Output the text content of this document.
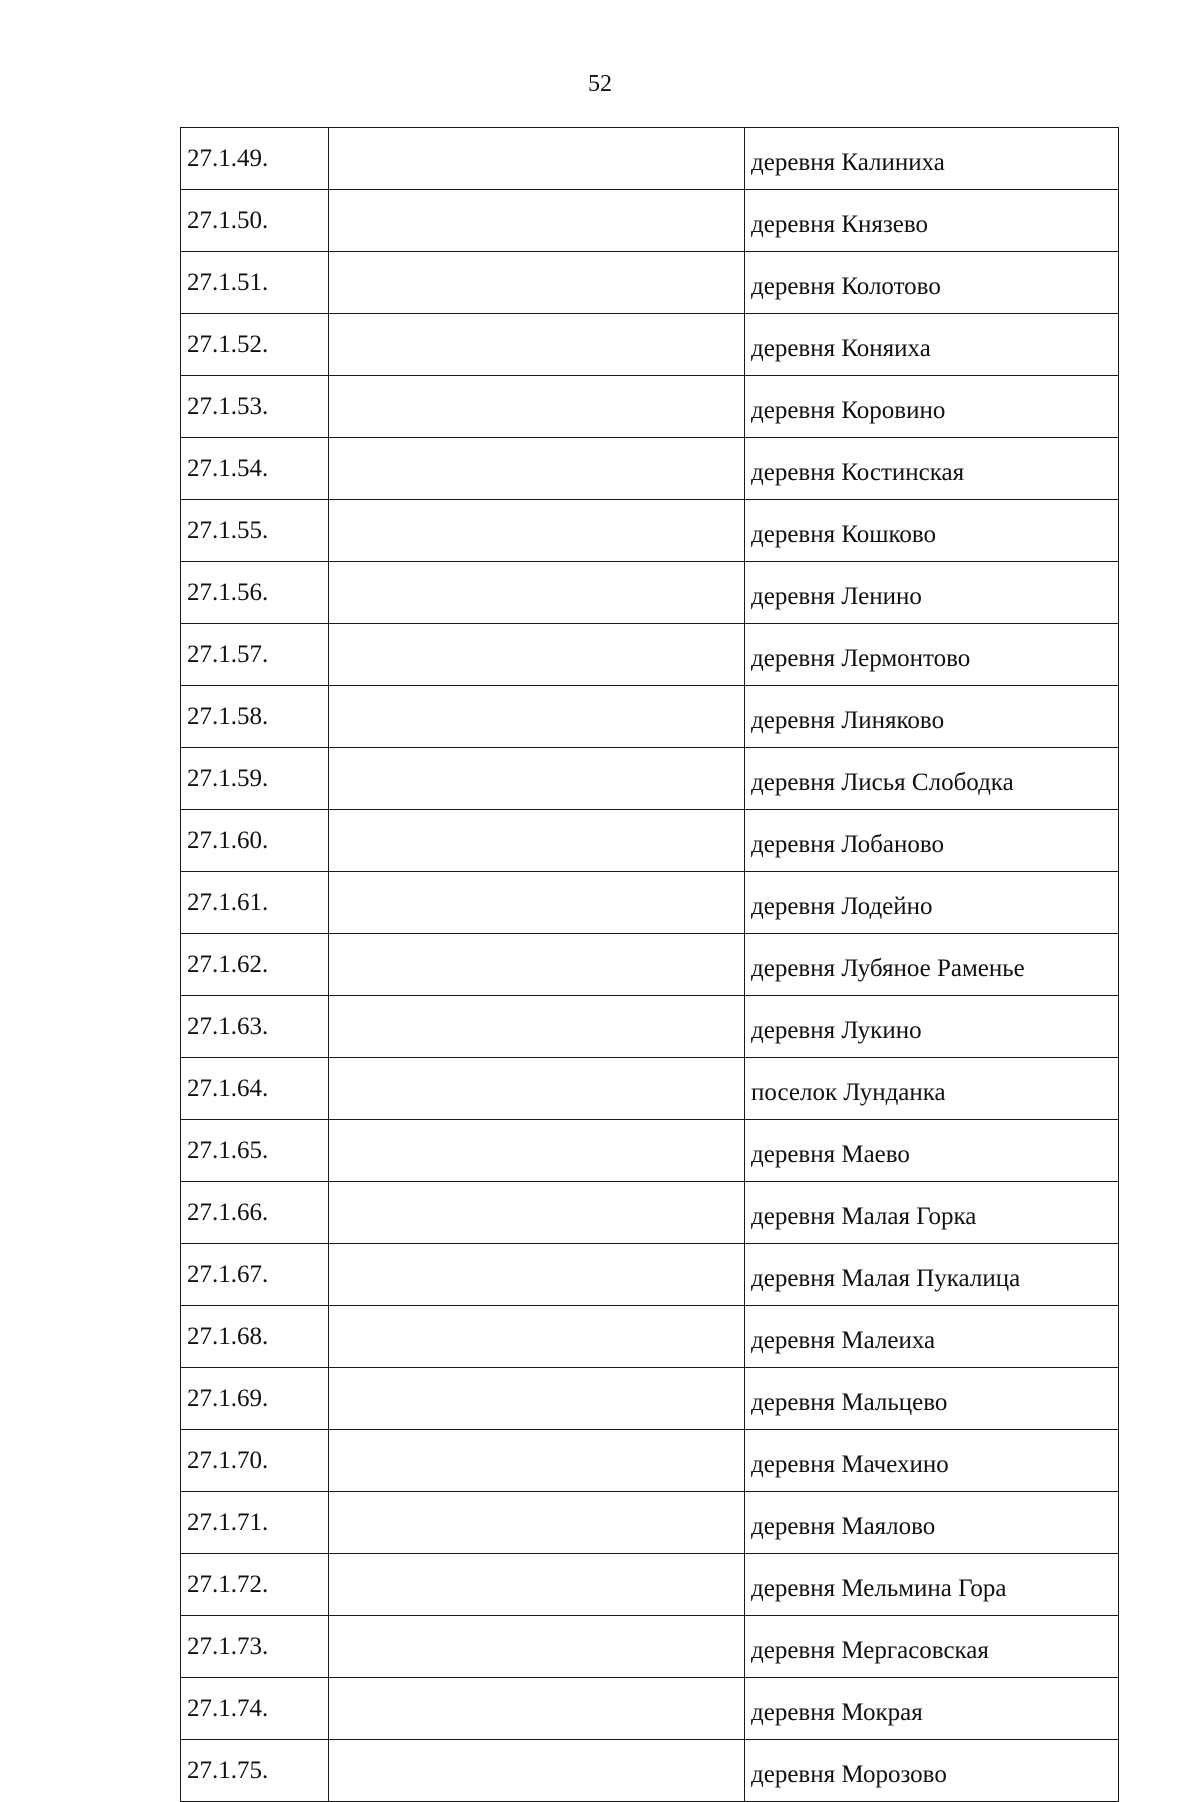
52
27.1.49.		деревня Калиниха
27.1.50.		деревня Князево
27.1.51.		деревня Колотово
27.1.52.		деревня Коняиха
27.1.53.		деревня Коровино
27.1.54.		деревня Костинская
27.1.55.		деревня Кошково
27.1.56.		деревня Ленино
27.1.57.		деревня Лермонтово
27.1.58.		деревня Линяково
27.1.59.		деревня Лисья Слободка
27.1.60.		деревня Лобаново
27.1.61.		деревня Лодейно
27.1.62.		деревня Лубяное Раменье
27.1.63.		деревня Лукино
27.1.64.		поселок Лунданка
27.1.65.		деревня Маево
27.1.66.		деревня Малая Горка
27.1.67.		деревня Малая Пукалица
27.1.68.		деревня Малеиха
27.1.69.		деревня Мальцево
27.1.70.		деревня Мачехино
27.1.71.		деревня Маялово
27.1.72.		деревня Мельмина Гора
27.1.73.		деревня Мергасовская
27.1.74.		деревня Мокрая
27.1.75.		деревня Морозово
